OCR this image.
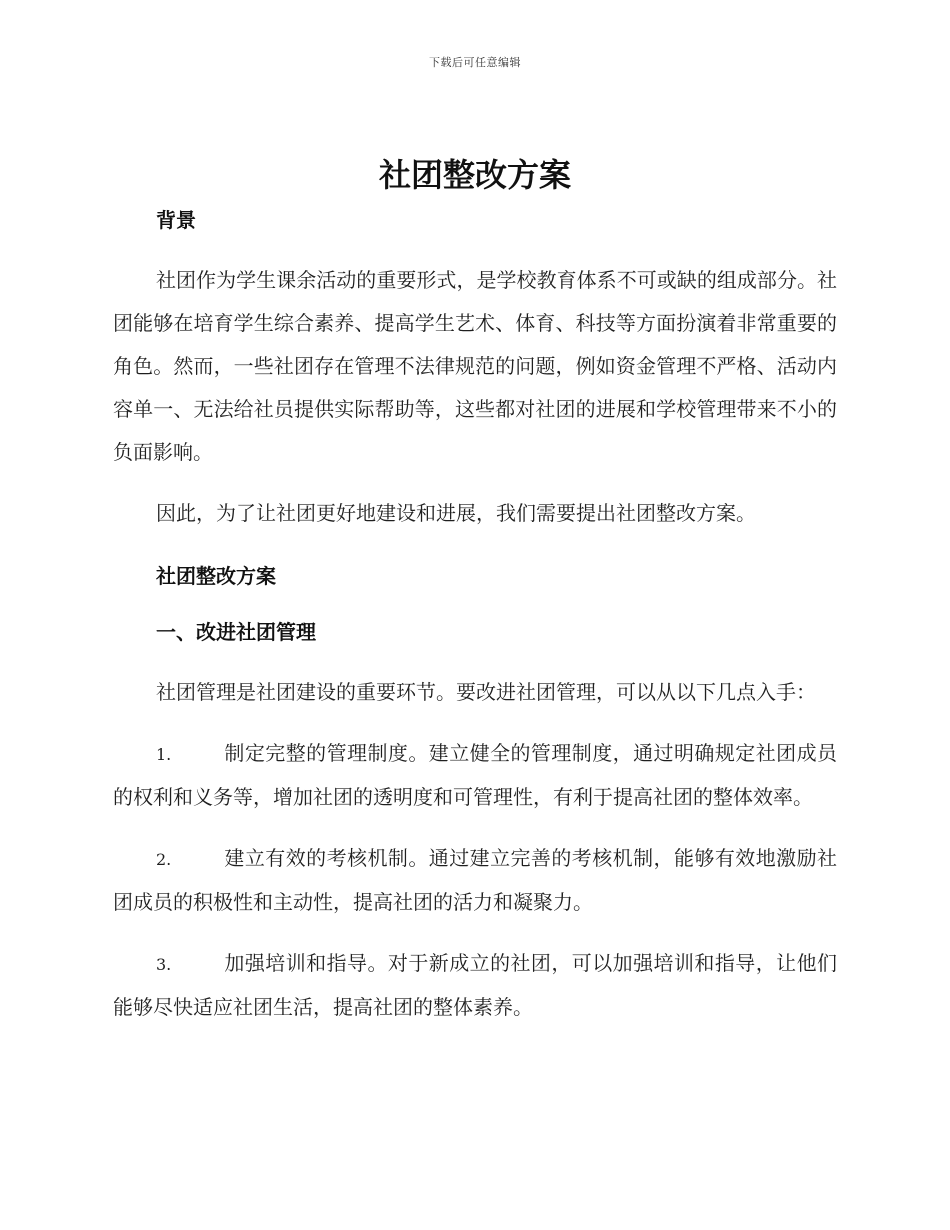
下载后可任意编辑
社团整改方案

背景

社团作为学生课余活动的重要形式，是学校教育体系不可或缺的组成部分。社团能够在培育学生综合素养、提高学生艺术、体育、科技等方面扮演着非常重要的角色。然而，一些社团存在管理不法律规范的问题，例如资金管理不严格、活动内容单一、无法给社员提供实际帮助等，这些都对社团的进展和学校管理带来不小的负面影响。

因此，为了让社团更好地建设和进展，我们需要提出社团整改方案。

社团整改方案

一、改进社团管理

社团管理是社团建设的重要环节。要改进社团管理，可以从以下几点入手：

1.	制定完整的管理制度。建立健全的管理制度，通过明确规定社团成员的权利和义务等，增加社团的透明度和可管理性，有利于提高社团的整体效率。

2.	建立有效的考核机制。通过建立完善的考核机制，能够有效地激励社团成员的积极性和主动性，提高社团的活力和凝聚力。

3.	加强培训和指导。对于新成立的社团，可以加强培训和指导，让他们能够尽快适应社团生活，提高社团的整体素养。
